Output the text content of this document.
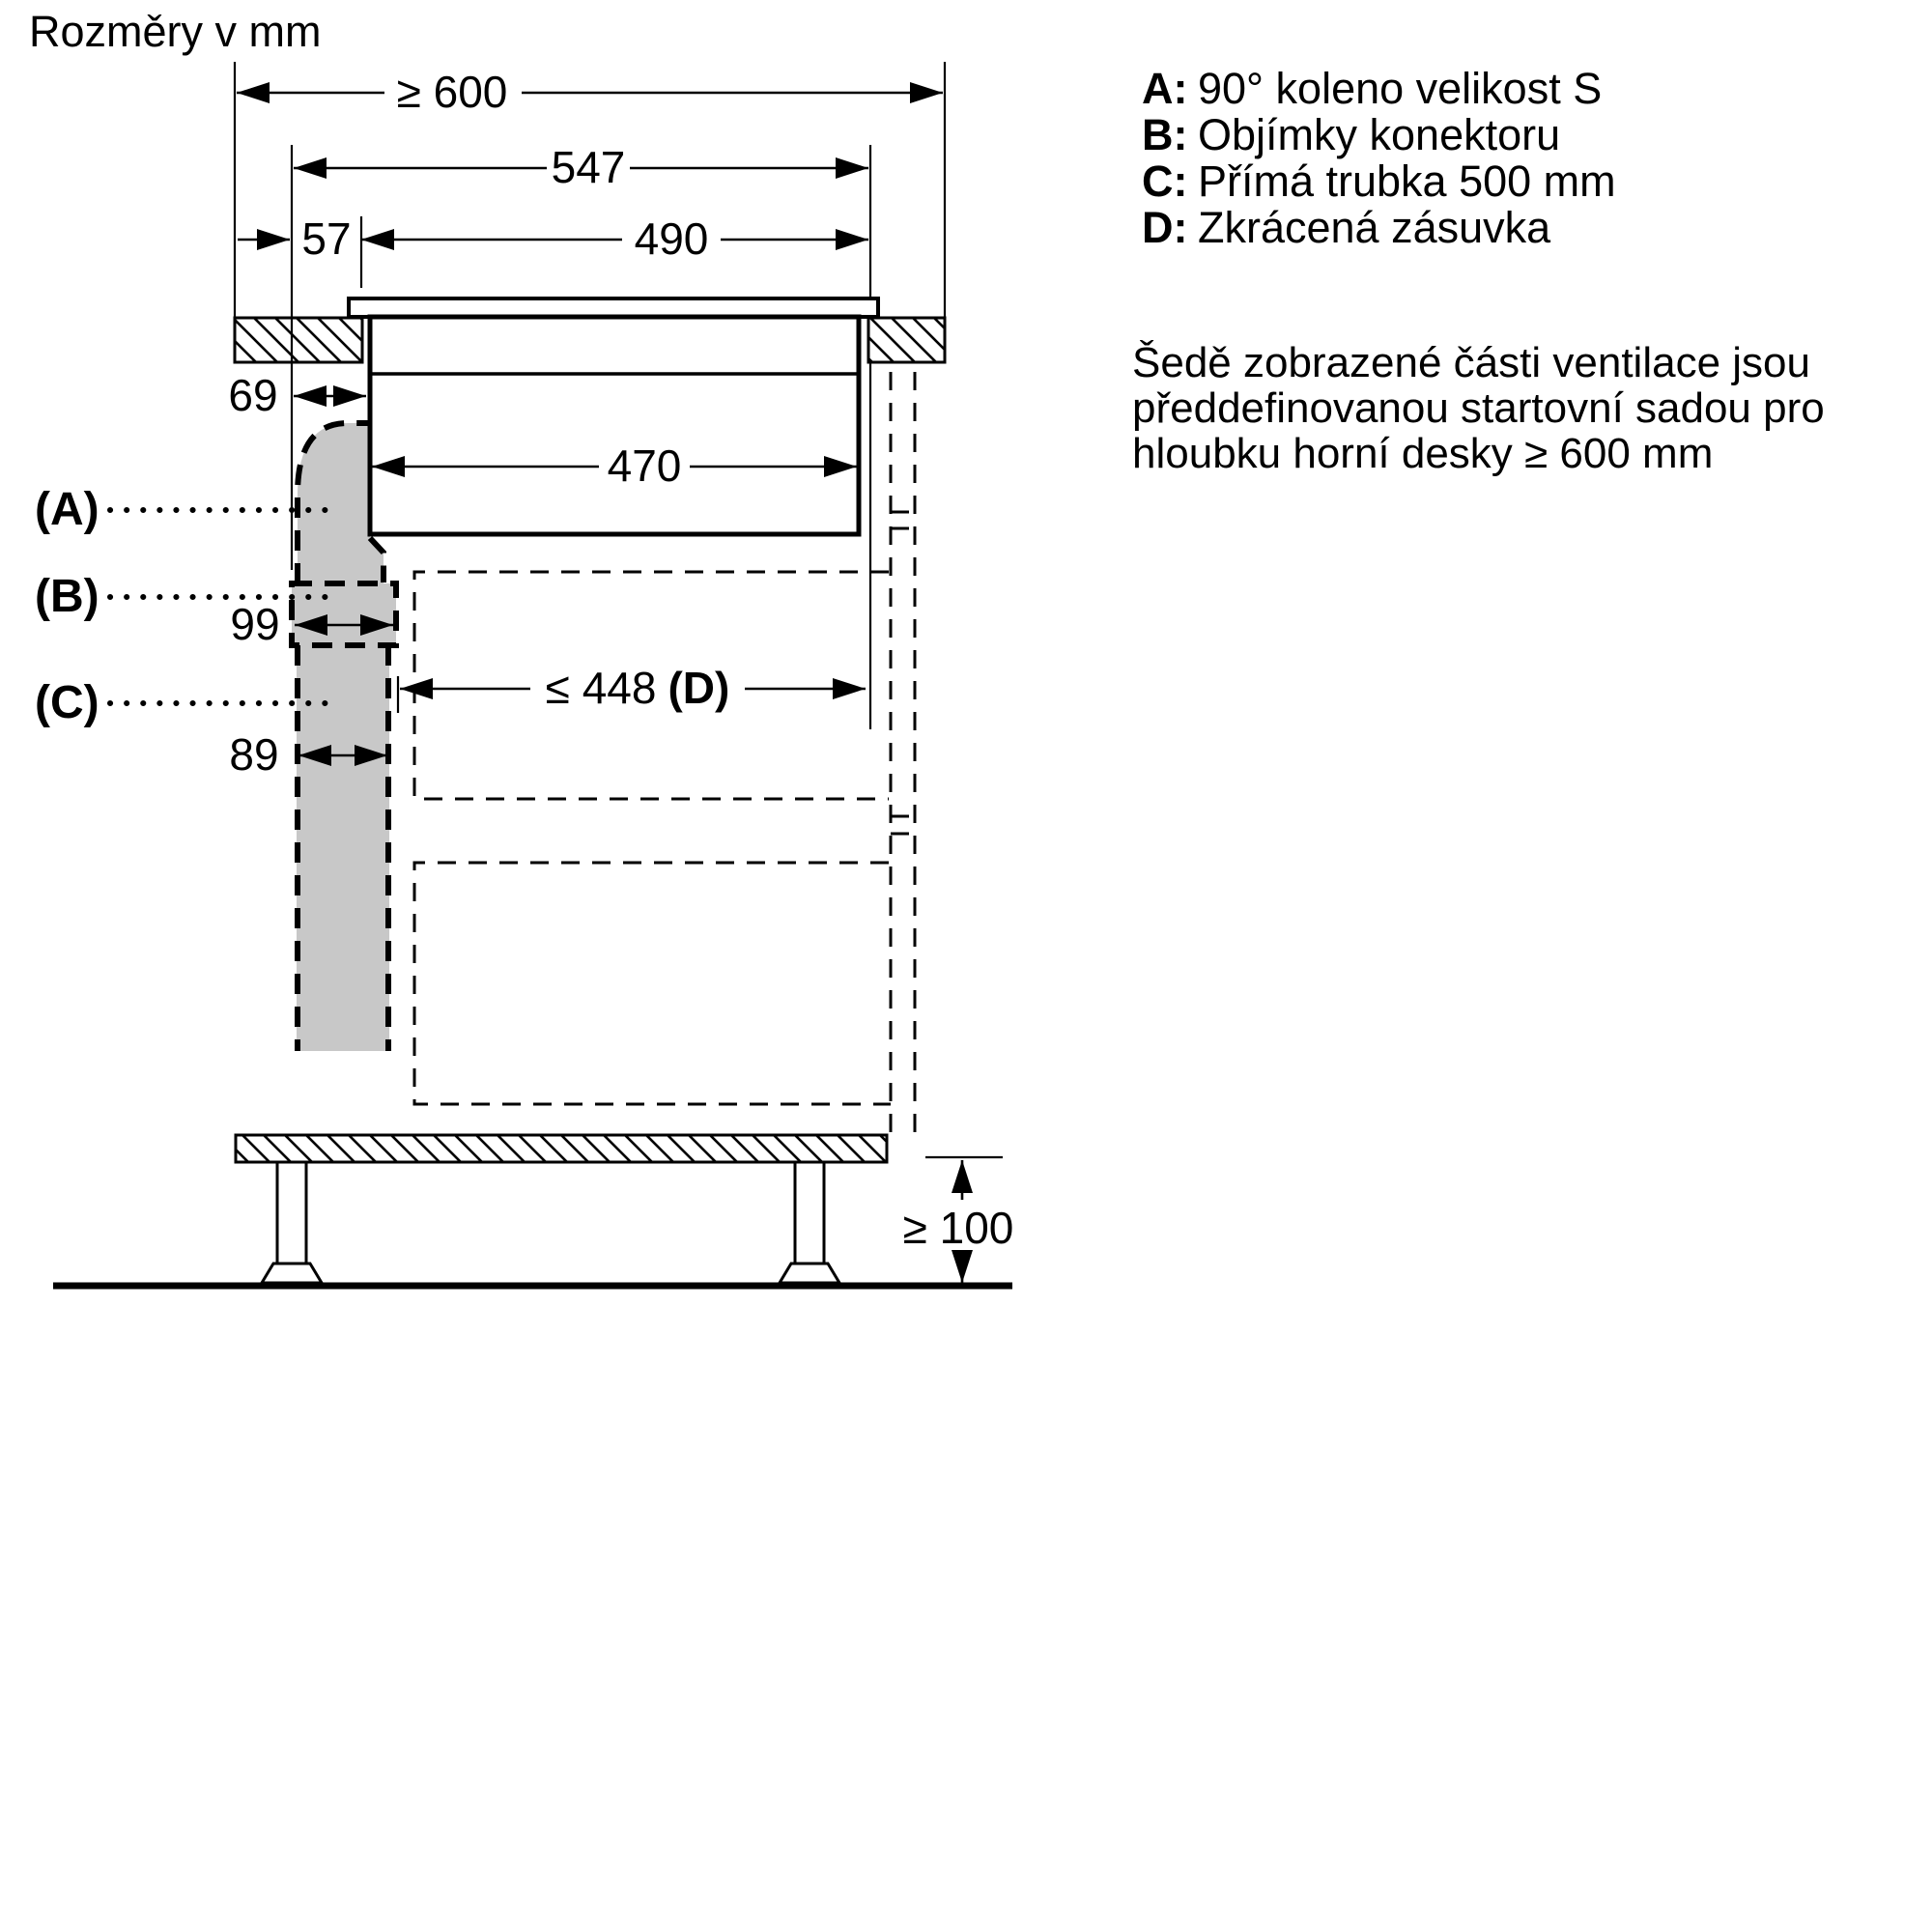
Rozměry v mm
A: 90° koleno velikost S
B: Objímky konektoru
C: Přímá trubka 500 mm
D: Zkrácená zásuvka
Šedě zobrazené části ventilace jsou
předdefinovanou startovní sadou pro
hloubku horní desky ≥ 600 mm
≥ 600
547
57	490
69
470
99
≤ 448 (D)
89
(A)
(B)
(C)
≥ 100
